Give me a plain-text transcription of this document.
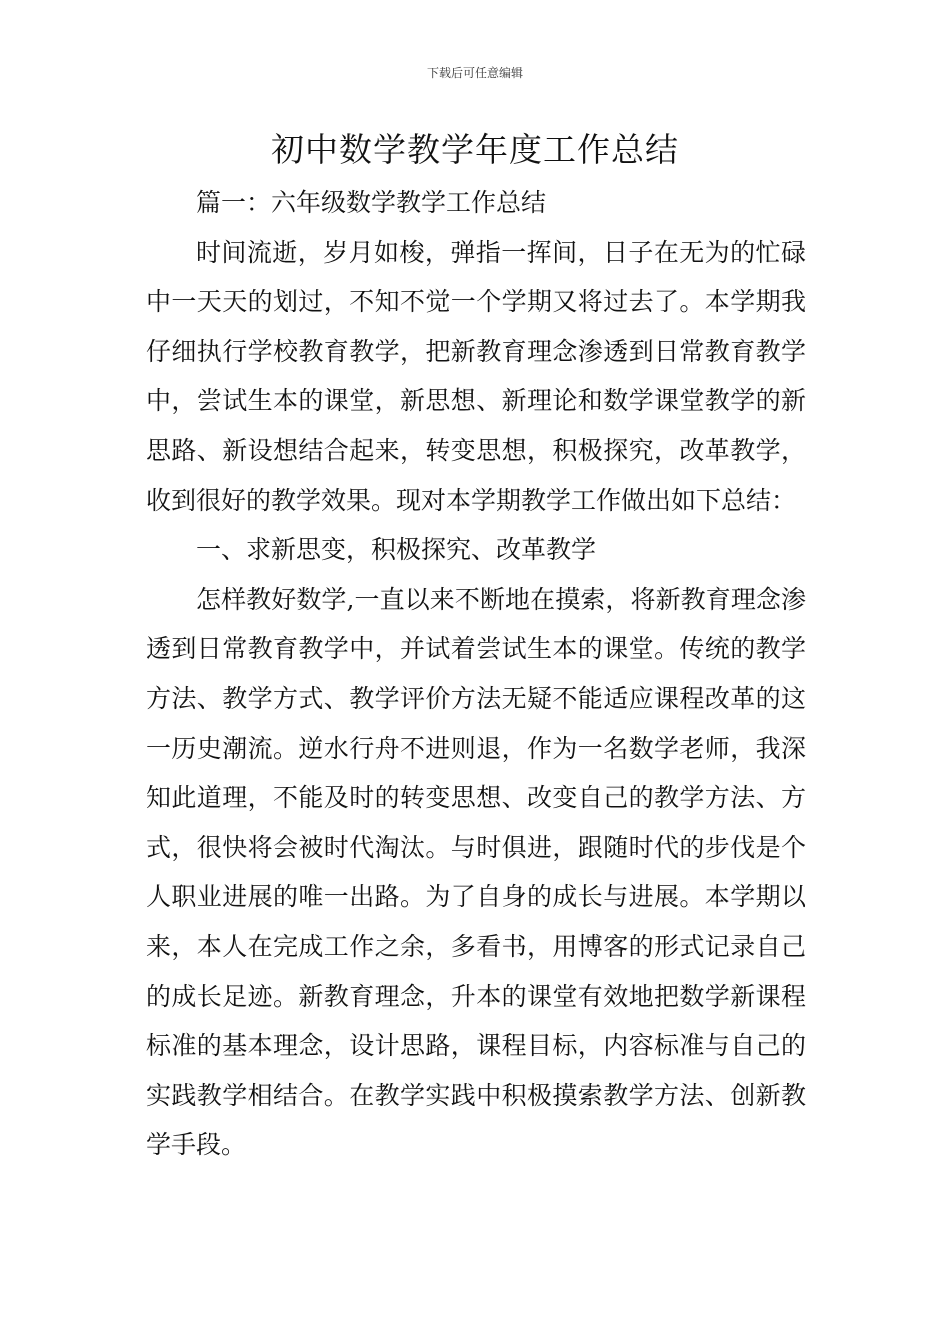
下载后可任意编辑
初中数学教学年度工作总结

篇一：六年级数学教学工作总结

时间流逝，岁月如梭，弹指一挥间，日子在无为的忙碌中一天天的划过，不知不觉一个学期又将过去了。本学期我仔细执行学校教育教学，把新教育理念渗透到日常教育教学中，尝试生本的课堂，新思想、新理论和数学课堂教学的新思路、新设想结合起来，转变思想，积极探究，改革教学，收到很好的教学效果。现对本学期教学工作做出如下总结：

一、求新思变，积极探究、改革教学

怎样教好数学,一直以来不断地在摸索，将新教育理念渗透到日常教育教学中，并试着尝试生本的课堂。传统的教学方法、教学方式、教学评价方法无疑不能适应课程改革的这一历史潮流。逆水行舟不进则退，作为一名数学老师，我深知此道理，不能及时的转变思想、改变自己的教学方法、方式，很快将会被时代淘汰。与时俱进，跟随时代的步伐是个人职业进展的唯一出路。为了自身的成长与进展。本学期以来，本人在完成工作之余，多看书，用博客的形式记录自己的成长足迹。新教育理念，升本的课堂有效地把数学新课程标准的基本理念，设计思路，课程目标，内容标准与自己的实践教学相结合。在教学实践中积极摸索教学方法、创新教学手段。
